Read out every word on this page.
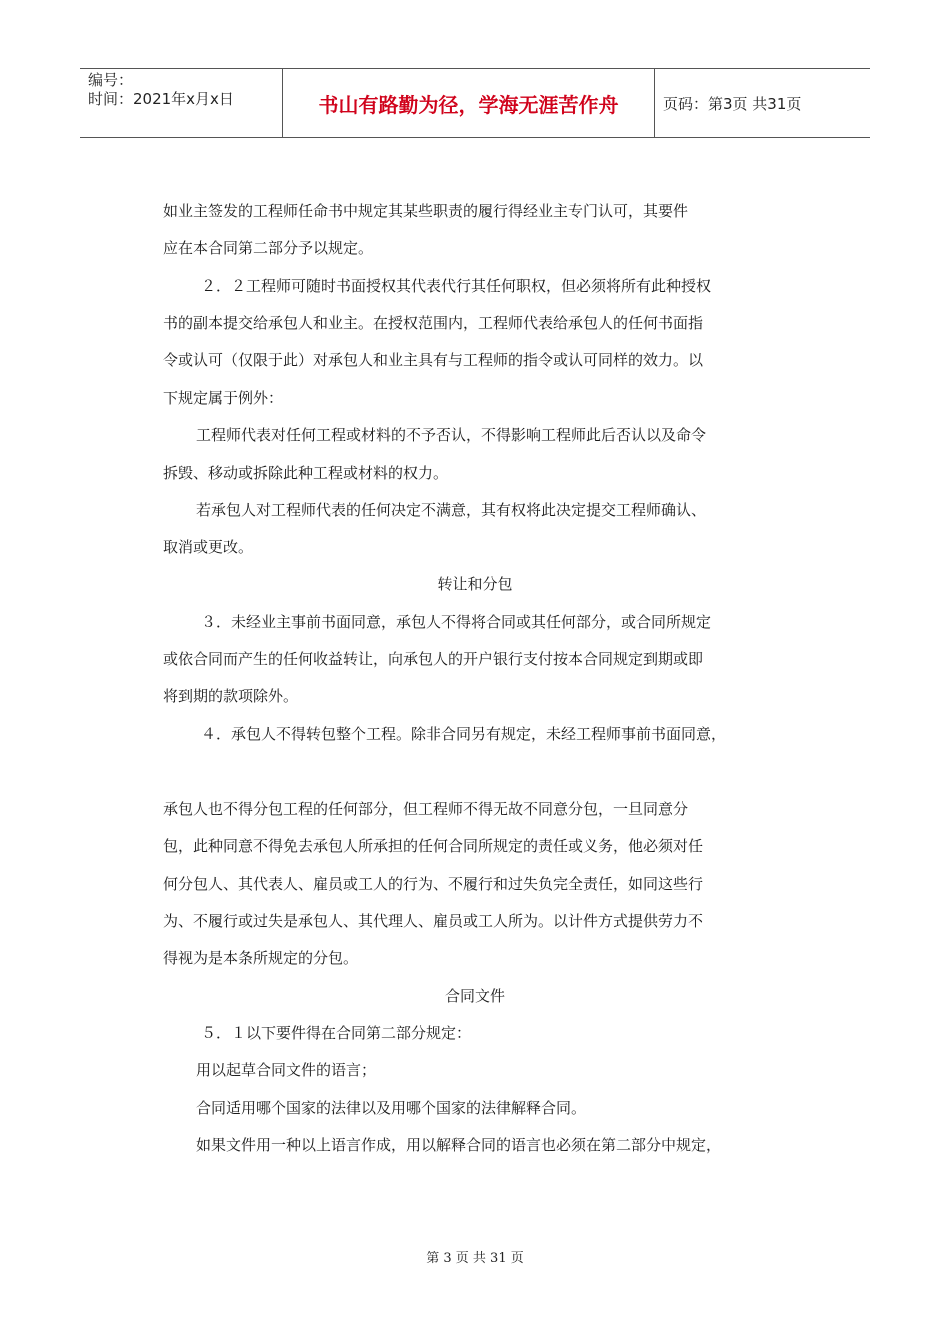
编号：
时间：2021年x月x日	书山有路勤为径，学海无涯苦作舟	页码：第3页 共31页
如业主签发的工程师任命书中规定其某些职责的履行得经业主专门认可，其要件
应在本合同第二部分予以规定。
２．２工程师可随时书面授权其代表代行其任何职权，但必须将所有此种授权
书的副本提交给承包人和业主。在授权范围内，工程师代表给承包人的任何书面指
令或认可（仅限于此）对承包人和业主具有与工程师的指令或认可同样的效力。以
下规定属于例外：
工程师代表对任何工程或材料的不予否认，不得影响工程师此后否认以及命令
拆毁、移动或拆除此种工程或材料的权力。
若承包人对工程师代表的任何决定不满意，其有权将此决定提交工程师确认、
取消或更改。
转让和分包
３．未经业主事前书面同意，承包人不得将合同或其任何部分，或合同所规定
或依合同而产生的任何收益转让，向承包人的开户银行支付按本合同规定到期或即
将到期的款项除外。
４．承包人不得转包整个工程。除非合同另有规定，未经工程师事前书面同意，
承包人也不得分包工程的任何部分，但工程师不得无故不同意分包，一旦同意分
包，此种同意不得免去承包人所承担的任何合同所规定的责任或义务，他必须对任
何分包人、其代表人、雇员或工人的行为、不履行和过失负完全责任，如同这些行
为、不履行或过失是承包人、其代理人、雇员或工人所为。以计件方式提供劳力不
得视为是本条所规定的分包。
合同文件
５．１以下要件得在合同第二部分规定：
用以起草合同文件的语言；
合同适用哪个国家的法律以及用哪个国家的法律解释合同。
如果文件用一种以上语言作成，用以解释合同的语言也必须在第二部分中规定，
第 3 页 共 31 页
